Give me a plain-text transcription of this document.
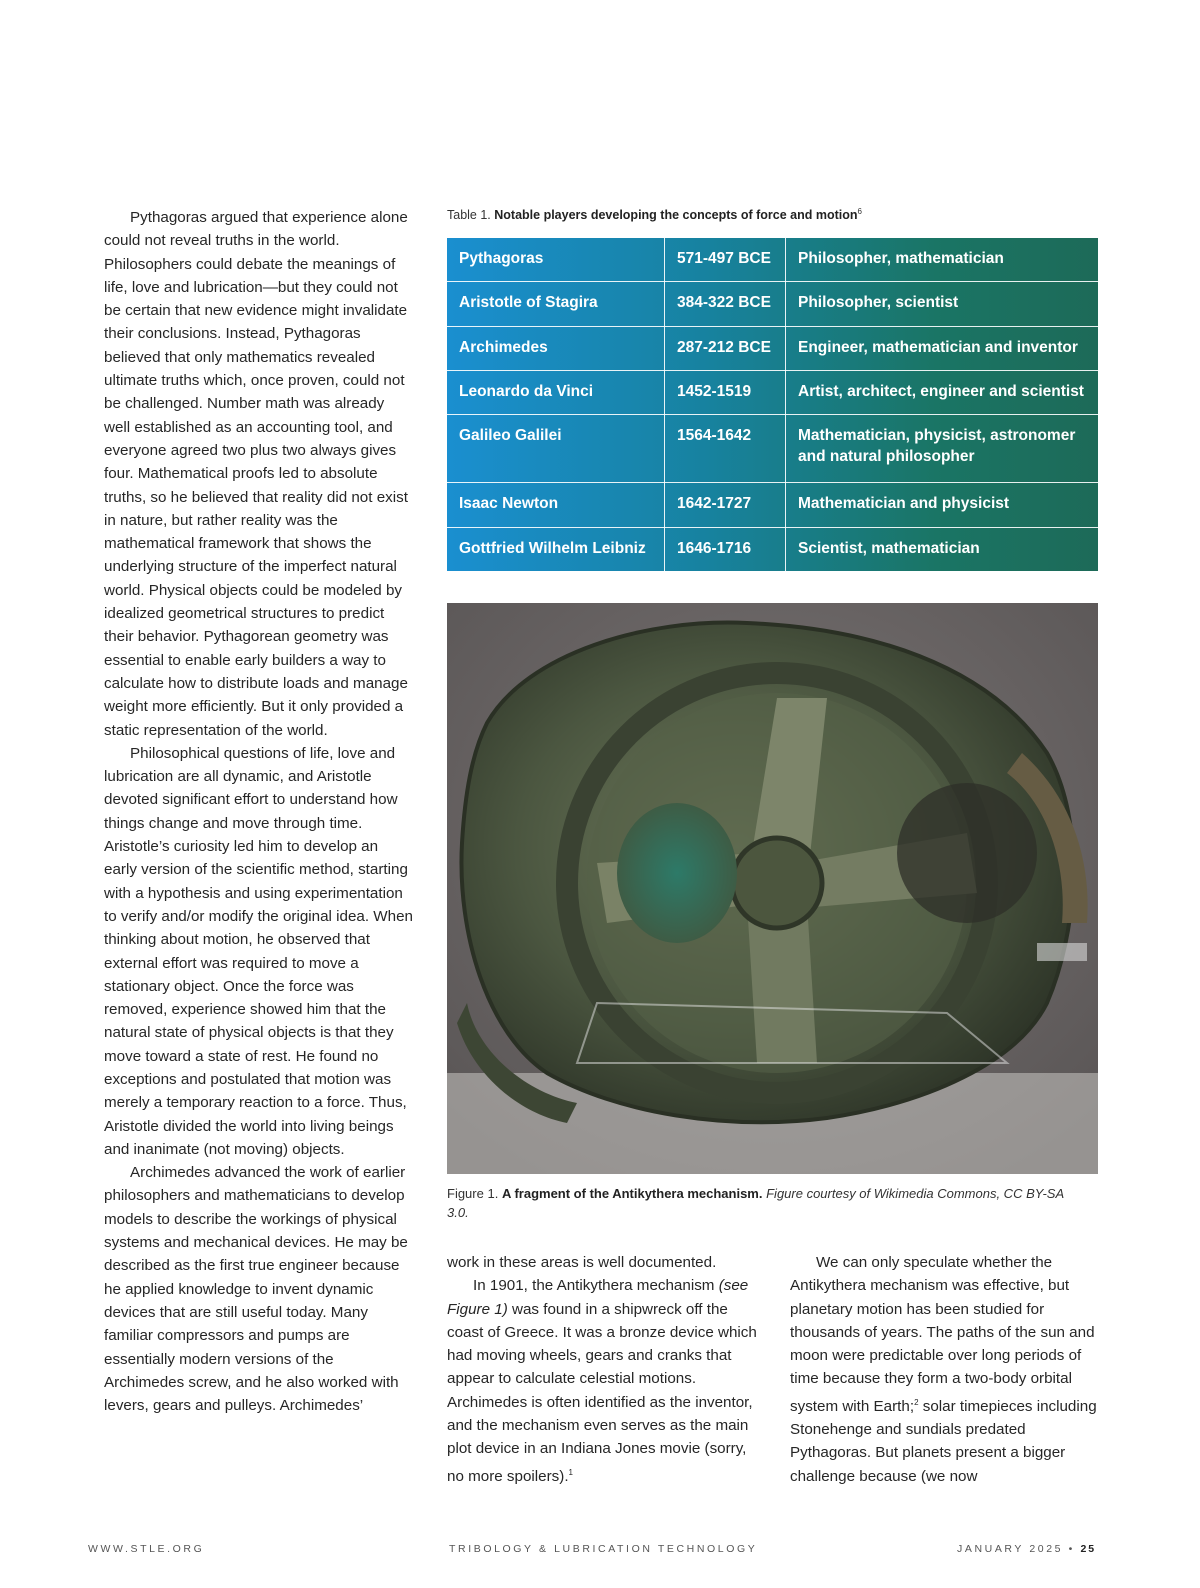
Pythagoras argued that experience alone could not reveal truths in the world. Philosophers could debate the meanings of life, love and lubrication—but they could not be certain that new evidence might invalidate their conclusions. Instead, Pythagoras believed that only mathematics revealed ultimate truths which, once proven, could not be challenged. Number math was already well established as an accounting tool, and everyone agreed two plus two always gives four. Mathematical proofs led to absolute truths, so he believed that reality did not exist in nature, but rather reality was the mathematical framework that shows the underlying structure of the imperfect natural world. Physical objects could be modeled by idealized geometrical structures to predict their behavior. Pythagorean geometry was essential to enable early builders a way to calculate how to distribute loads and manage weight more efficiently. But it only provided a static representation of the world.

Philosophical questions of life, love and lubrication are all dynamic, and Aristotle devoted significant effort to understand how things change and move through time. Aristotle’s curiosity led him to develop an early version of the scientific method, starting with a hypothesis and using experimentation to verify and/or modify the original idea. When thinking about motion, he observed that external effort was required to move a stationary object. Once the force was removed, experience showed him that the natural state of physical objects is that they move toward a state of rest. He found no exceptions and postulated that motion was merely a temporary reaction to a force. Thus, Aristotle divided the world into living beings and inanimate (not moving) objects.

Archimedes advanced the work of earlier philosophers and mathematicians to develop models to describe the workings of physical systems and mechanical devices. He may be described as the first true engineer because he applied knowledge to invent dynamic devices that are still useful today. Many familiar compressors and pumps are essentially modern versions of the Archimedes screw, and he also worked with levers, gears and pulleys. Archimedes’

Table 1. Notable players developing the concepts of force and motion$^6$
Pythagoras	571-497 BCE	Philosopher, mathematician
Aristotle of Stagira	384-322 BCE	Philosopher, scientist
Archimedes	287-212 BCE	Engineer, mathematician and inventor
Leonardo da Vinci	1452-1519	Artist, architect, engineer and scientist
Galileo Galilei	1564-1642	Mathematician, physicist, astronomer and natural philosopher
Isaac Newton	1642-1727	Mathematician and physicist
Gottfried Wilhelm Leibniz	1646-1716	Scientist, mathematician
Figure 1. A fragment of the Antikythera mechanism. Figure courtesy of Wikimedia Commons, CC BY-SA 3.0.

work in these areas is well documented.

In 1901, the Antikythera mechanism (see Figure 1) was found in a shipwreck off the coast of Greece. It was a bronze device which had moving wheels, gears and cranks that appear to calculate celestial motions. Archimedes is often identified as the inventor, and the mechanism even serves as the main plot device in an Indiana Jones movie (sorry, no more spoilers).$^1$

We can only speculate whether the Antikythera mechanism was effective, but planetary motion has been studied for thousands of years. The paths of the sun and moon were predictable over long periods of time because they form a two-body orbital system with Earth;$^2$ solar timepieces including Stonehenge and sundials predated Pythagoras. But planets present a bigger challenge because (we now

WWW.STLE.ORG	TRIBOLOGY & LUBRICATION TECHNOLOGY	JANUARY 2025 • 25
